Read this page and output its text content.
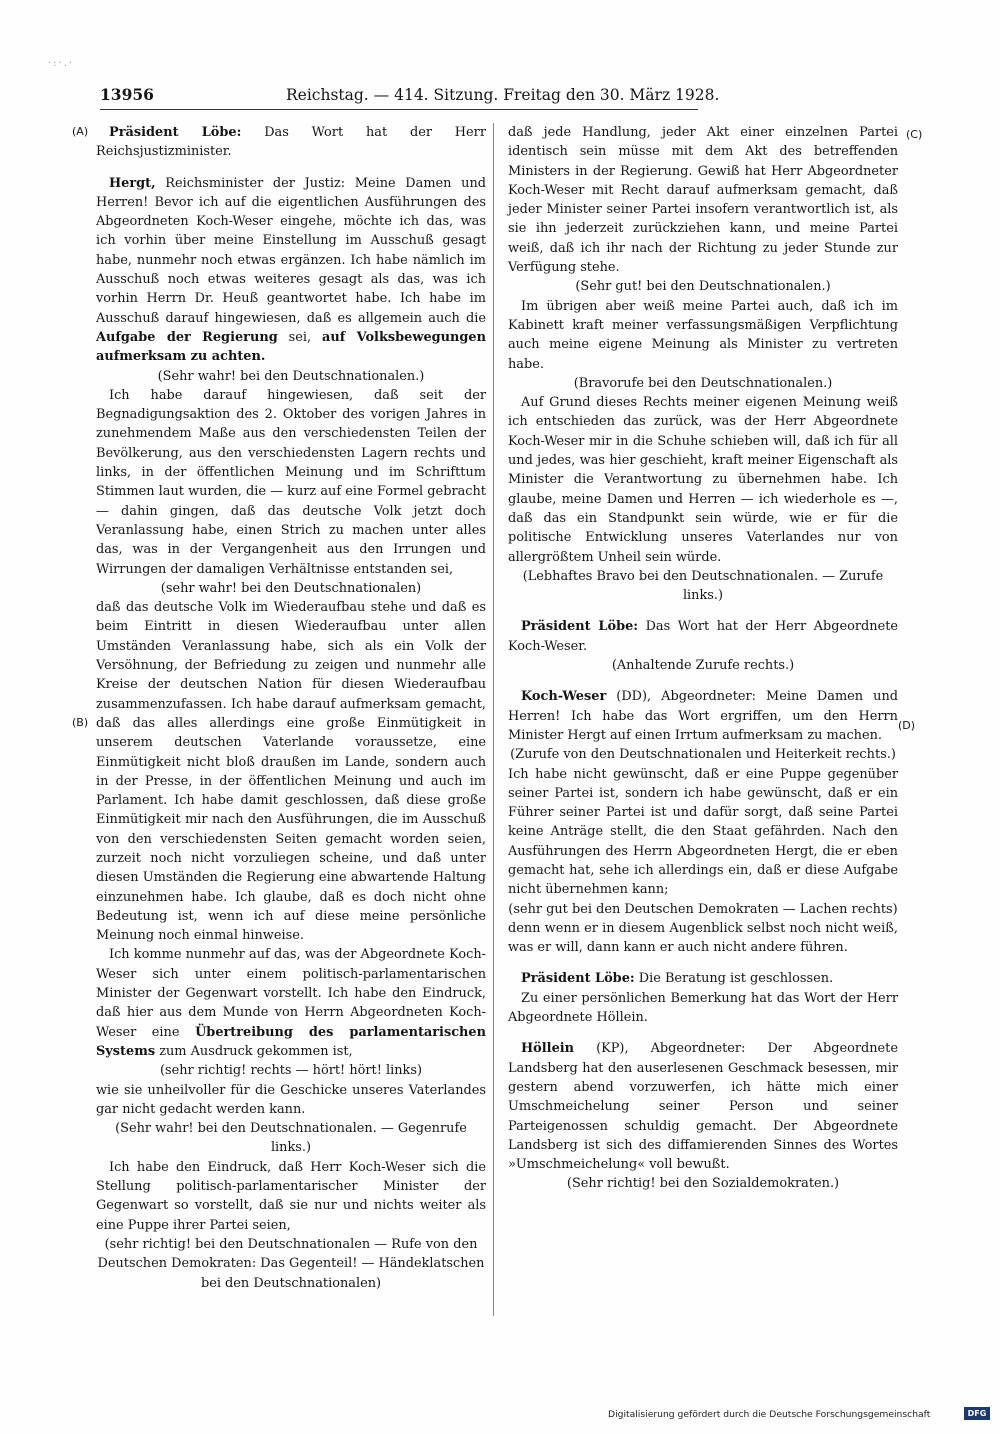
·:·.·
13956	Reichstag. — 414. Sitzung. Freitag den 30. März 1928.
(A)
(B)
(C)
(D)

Präsident Löbe: Das Wort hat der Herr Reichsjustizminister.

Hergt, Reichsminister der Justiz: Meine Damen und Herren! Bevor ich auf die eigentlichen Ausführungen des Abgeordneten Koch-Weser eingehe, möchte ich das, was ich vorhin über meine Einstellung im Ausschuß gesagt habe, nunmehr noch etwas ergänzen. Ich habe nämlich im Ausschuß noch etwas weiteres gesagt als das, was ich vorhin Herrn Dr. Heuß geantwortet habe. Ich habe im Ausschuß darauf hingewiesen, daß es allgemein auch die Aufgabe der Regierung sei, auf Volksbewegungen aufmerksam zu achten.

(Sehr wahr! bei den Deutschnationalen.)

Ich habe darauf hingewiesen, daß seit der Begnadigungsaktion des 2. Oktober des vorigen Jahres in zunehmendem Maße aus den verschiedensten Teilen der Bevölkerung, aus den verschiedensten Lagern rechts und links, in der öffentlichen Meinung und im Schrifttum Stimmen laut wurden, die — kurz auf eine Formel gebracht — dahin gingen, daß das deutsche Volk jetzt doch Veranlassung habe, einen Strich zu machen unter alles das, was in der Vergangenheit aus den Irrungen und Wirrungen der damaligen Verhältnisse entstanden sei,

(sehr wahr! bei den Deutschnationalen)

daß das deutsche Volk im Wiederaufbau stehe und daß es beim Eintritt in diesen Wiederaufbau unter allen Umständen Veranlassung habe, sich als ein Volk der Versöhnung, der Befriedung zu zeigen und nunmehr alle Kreise der deutschen Nation für diesen Wiederaufbau zusammenzufassen. Ich habe darauf aufmerksam gemacht, daß das alles allerdings eine große Einmütigkeit in unserem deutschen Vaterlande voraussetze, eine Einmütigkeit nicht bloß draußen im Lande, sondern auch in der Presse, in der öffentlichen Meinung und auch im Parlament. Ich habe damit geschlossen, daß diese große Einmütigkeit mir nach den Ausführungen, die im Ausschuß von den verschiedensten Seiten gemacht worden seien, zurzeit noch nicht vorzuliegen scheine, und daß unter diesen Umständen die Regierung eine abwartende Haltung einzunehmen habe. Ich glaube, daß es doch nicht ohne Bedeutung ist, wenn ich auf diese meine persönliche Meinung noch einmal hinweise.

Ich komme nunmehr auf das, was der Abgeordnete Koch-Weser sich unter einem politisch-parlamentarischen Minister der Gegenwart vorstellt. Ich habe den Eindruck, daß hier aus dem Munde von Herrn Abgeordneten Koch-Weser eine Übertreibung des parlamentarischen Systems zum Ausdruck gekommen ist,

(sehr richtig! rechts — hört! hört! links)

wie sie unheilvoller für die Geschicke unseres Vaterlandes gar nicht gedacht werden kann.

(Sehr wahr! bei den Deutschnationalen. — Gegenrufe links.)

Ich habe den Eindruck, daß Herr Koch-Weser sich die Stellung politisch-parlamentarischer Minister der Gegenwart so vorstellt, daß sie nur und nichts weiter als eine Puppe ihrer Partei seien,

(sehr richtig! bei den Deutschnationalen — Rufe von den Deutschen Demokraten: Das Gegenteil! — Händeklatschen bei den Deutschnationalen)

daß jede Handlung, jeder Akt einer einzelnen Partei identisch sein müsse mit dem Akt des betreffenden Ministers in der Regierung. Gewiß hat Herr Abgeordneter Koch-Weser mit Recht darauf aufmerksam gemacht, daß jeder Minister seiner Partei insofern verantwortlich ist, als sie ihn jederzeit zurückziehen kann, und meine Partei weiß, daß ich ihr nach der Richtung zu jeder Stunde zur Verfügung stehe.

(Sehr gut! bei den Deutschnationalen.)

Im übrigen aber weiß meine Partei auch, daß ich im Kabinett kraft meiner verfassungsmäßigen Verpflichtung auch meine eigene Meinung als Minister zu vertreten habe.

(Bravorufe bei den Deutschnationalen.)

Auf Grund dieses Rechts meiner eigenen Meinung weiß ich entschieden das zurück, was der Herr Abgeordnete Koch-Weser mir in die Schuhe schieben will, daß ich für all und jedes, was hier geschieht, kraft meiner Eigenschaft als Minister die Verantwortung zu übernehmen habe. Ich glaube, meine Damen und Herren — ich wiederhole es —, daß das ein Standpunkt sein würde, wie er für die politische Entwicklung unseres Vaterlandes nur von allergrößtem Unheil sein würde.

(Lebhaftes Bravo bei den Deutschnationalen. — Zurufe links.)

Präsident Löbe: Das Wort hat der Herr Abgeordnete Koch-Weser.

(Anhaltende Zurufe rechts.)

Koch-Weser (DD), Abgeordneter: Meine Damen und Herren! Ich habe das Wort ergriffen, um den Herrn Minister Hergt auf einen Irrtum aufmerksam zu machen.

(Zurufe von den Deutschnationalen und Heiterkeit rechts.)

Ich habe nicht gewünscht, daß er eine Puppe gegenüber seiner Partei ist, sondern ich habe gewünscht, daß er ein Führer seiner Partei ist und dafür sorgt, daß seine Partei keine Anträge stellt, die den Staat gefährden. Nach den Ausführungen des Herrn Abgeordneten Hergt, die er eben gemacht hat, sehe ich allerdings ein, daß er diese Aufgabe nicht übernehmen kann;

(sehr gut bei den Deutschen Demokraten — Lachen rechts)

denn wenn er in diesem Augenblick selbst noch nicht weiß, was er will, dann kann er auch nicht andere führen.

Präsident Löbe: Die Beratung ist geschlossen.

Zu einer persönlichen Bemerkung hat das Wort der Herr Abgeordnete Höllein.

Höllein (KP), Abgeordneter: Der Abgeordnete Landsberg hat den auserlesenen Geschmack besessen, mir gestern abend vorzuwerfen, ich hätte mich einer Umschmeichelung seiner Person und seiner Parteigenossen schuldig gemacht. Der Abgeordnete Landsberg ist sich des diffamierenden Sinnes des Wortes »Umschmeichelung« voll bewußt.

(Sehr richtig! bei den Sozialdemokraten.)

Digitalisierung gefördert durch die Deutsche Forschungsgemeinschaft	DFG
